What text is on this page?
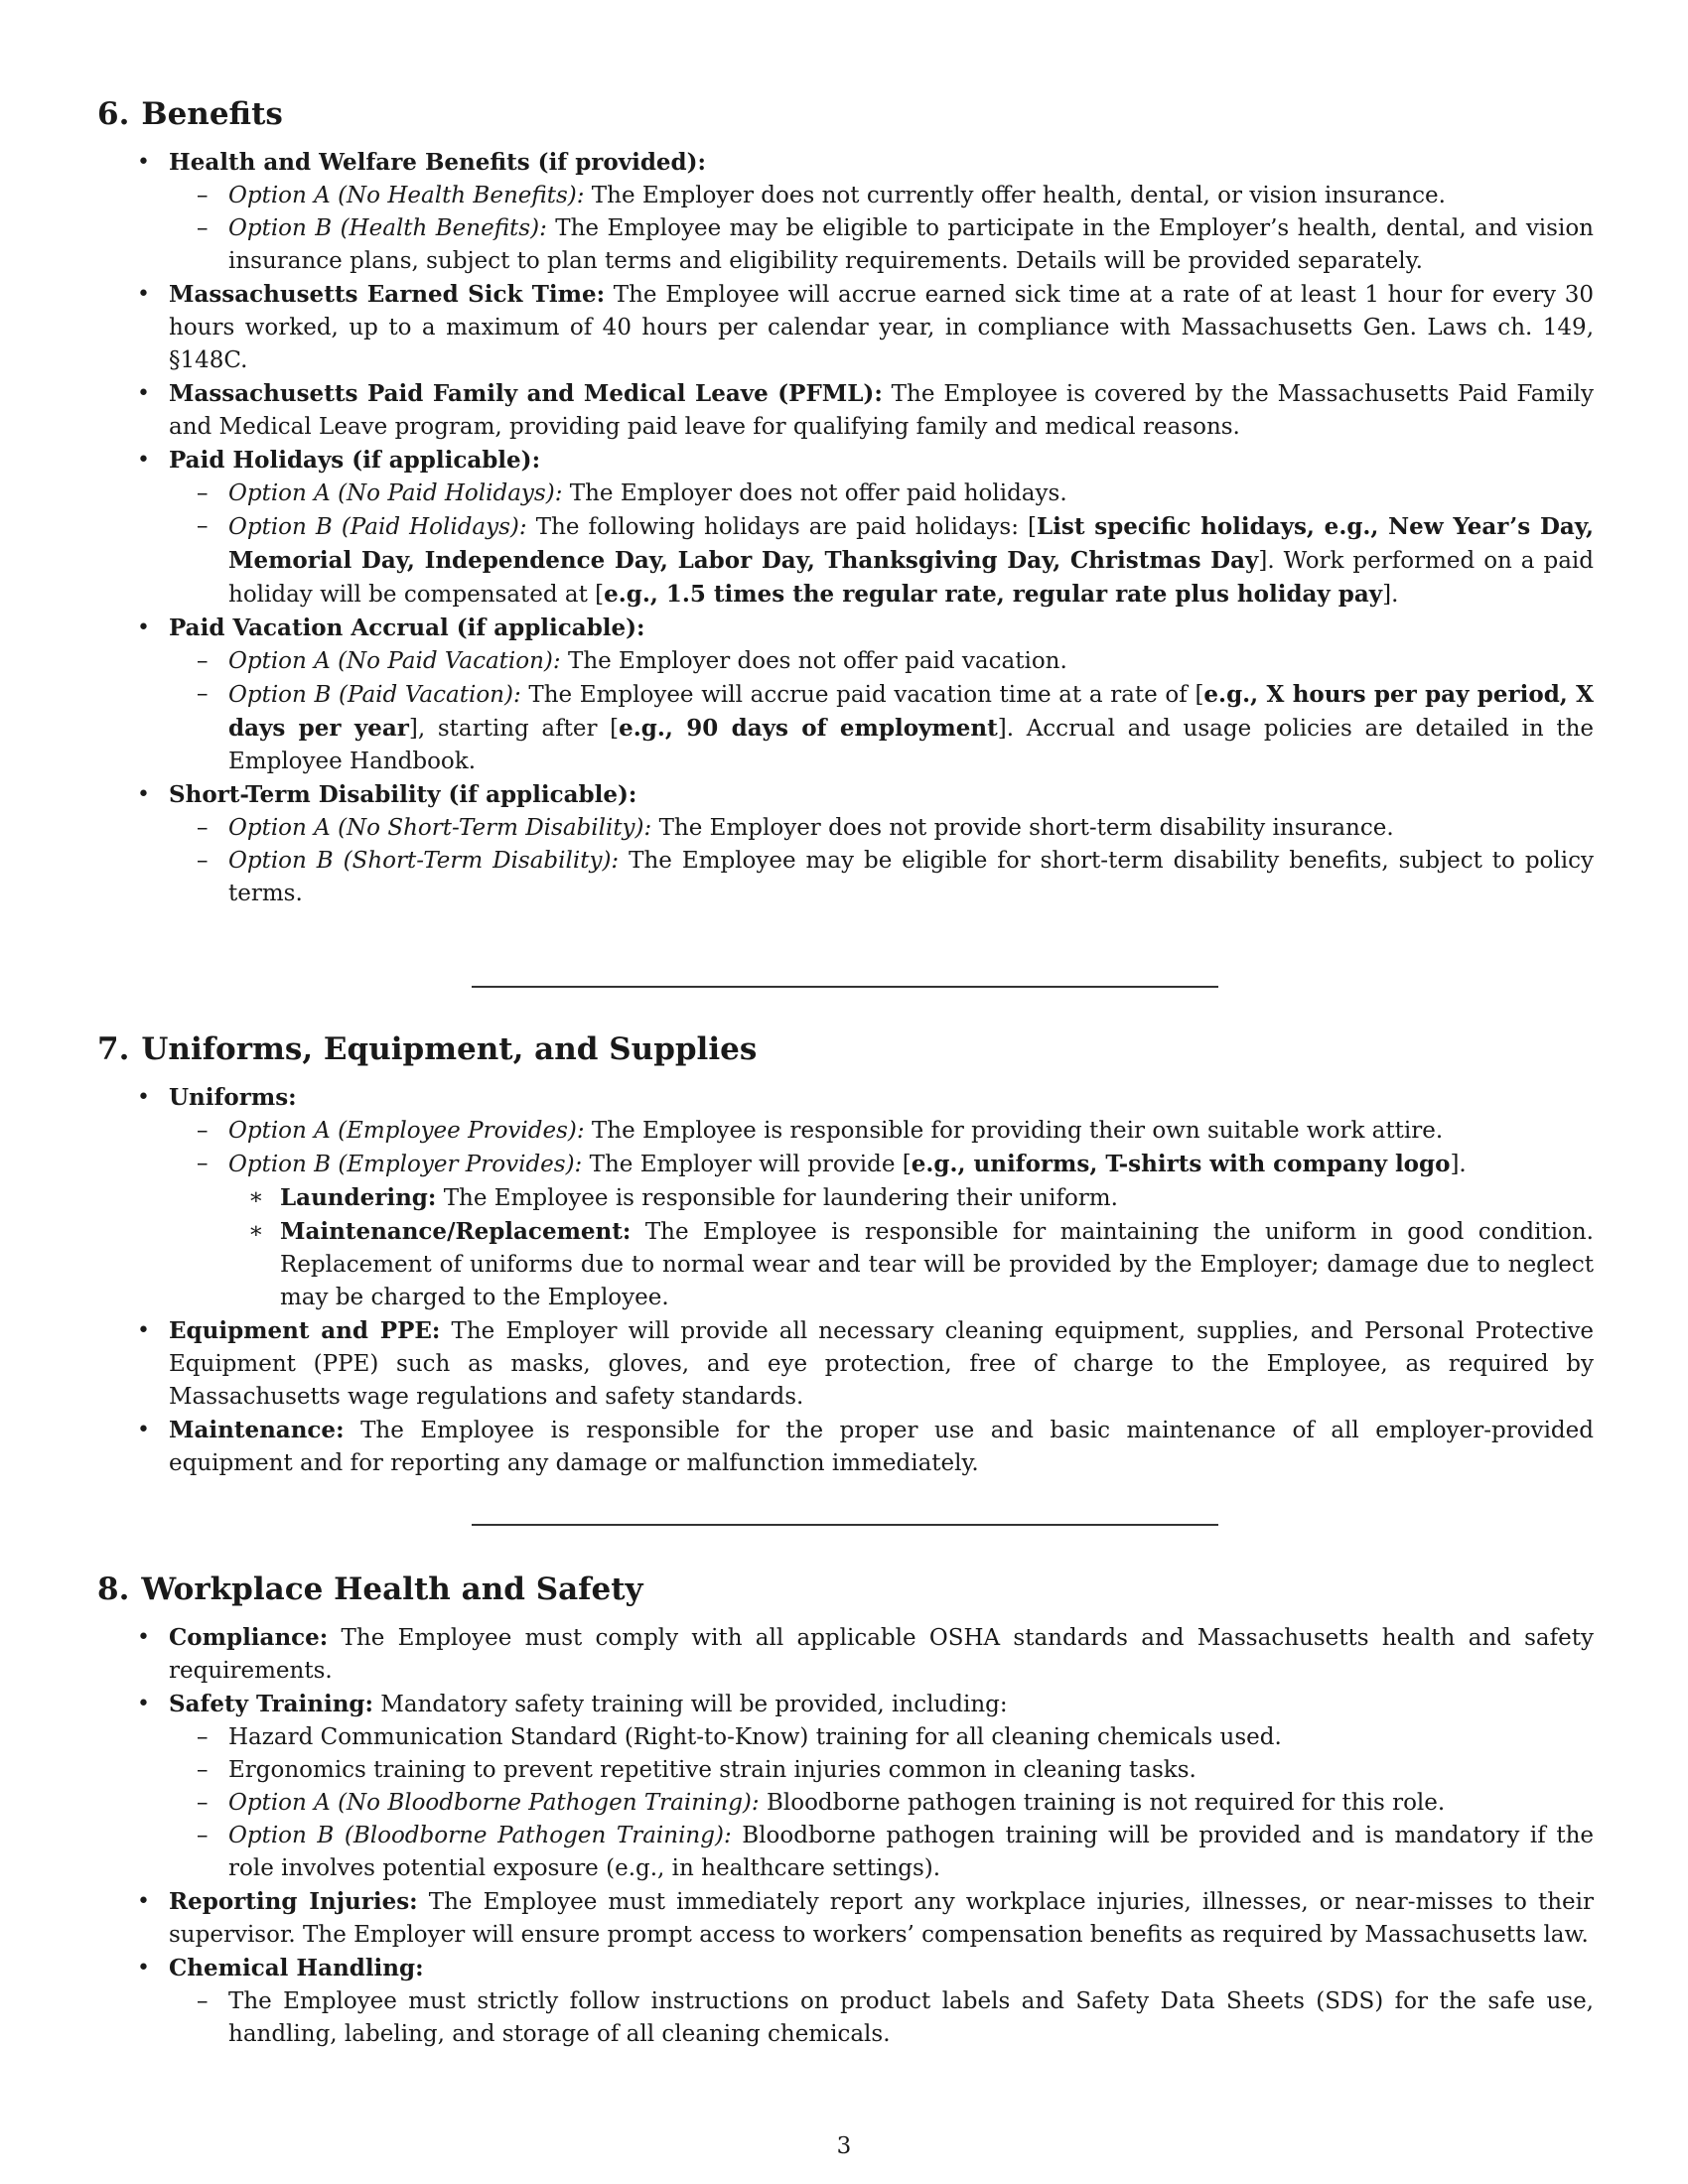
6. Benefits
• Health and Welfare Benefits (if provided):
– Option A (No Health Benefits): The Employer does not currently offer health, dental, or vision insurance.
– Option B (Health Benefits): The Employee may be eligible to participate in the Employer’s health, dental, and vision insurance plans, subject to plan terms and eligibility requirements. Details will be provided separately.
• Massachusetts Earned Sick Time: The Employee will accrue earned sick time at a rate of at least 1 hour for every 30 hours worked, up to a maximum of 40 hours per calendar year, in compliance with Massachusetts Gen. Laws ch. 149, §148C.
• Massachusetts Paid Family and Medical Leave (PFML): The Employee is covered by the Massachusetts Paid Family and Medical Leave program, providing paid leave for qualifying family and medical reasons.
• Paid Holidays (if applicable):
– Option A (No Paid Holidays): The Employer does not offer paid holidays.
– Option B (Paid Holidays): The following holidays are paid holidays: [List specific holidays, e.g., New Year’s Day, Memorial Day, Independence Day, Labor Day, Thanksgiving Day, Christmas Day]. Work performed on a paid holiday will be compensated at [e.g., 1.5 times the regular rate, regular rate plus holiday pay].
• Paid Vacation Accrual (if applicable):
– Option A (No Paid Vacation): The Employer does not offer paid vacation.
– Option B (Paid Vacation): The Employee will accrue paid vacation time at a rate of [e.g., X hours per pay period, X days per year], starting after [e.g., 90 days of employment]. Accrual and usage policies are detailed in the Employee Handbook.
• Short-Term Disability (if applicable):
– Option A (No Short-Term Disability): The Employer does not provide short-term disability insurance.
– Option B (Short-Term Disability): The Employee may be eligible for short-term disability benefits, subject to policy terms.
7. Uniforms, Equipment, and Supplies
• Uniforms:
– Option A (Employee Provides): The Employee is responsible for providing their own suitable work attire.
– Option B (Employer Provides): The Employer will provide [e.g., uniforms, T-shirts with company logo].
∗ Laundering: The Employee is responsible for laundering their uniform.
∗ Maintenance/Replacement: The Employee is responsible for maintaining the uniform in good condition. Replacement of uniforms due to normal wear and tear will be provided by the Employer; damage due to neglect may be charged to the Employee.
• Equipment and PPE: The Employer will provide all necessary cleaning equipment, supplies, and Personal Protective Equipment (PPE) such as masks, gloves, and eye protection, free of charge to the Employee, as required by Massachusetts wage regulations and safety standards.
• Maintenance: The Employee is responsible for the proper use and basic maintenance of all employer-provided equipment and for reporting any damage or malfunction immediately.
8. Workplace Health and Safety
• Compliance: The Employee must comply with all applicable OSHA standards and Massachusetts health and safety requirements.
• Safety Training: Mandatory safety training will be provided, including:
– Hazard Communication Standard (Right-to-Know) training for all cleaning chemicals used.
– Ergonomics training to prevent repetitive strain injuries common in cleaning tasks.
– Option A (No Bloodborne Pathogen Training): Bloodborne pathogen training is not required for this role.
– Option B (Bloodborne Pathogen Training): Bloodborne pathogen training will be provided and is mandatory if the role involves potential exposure (e.g., in healthcare settings).
• Reporting Injuries: The Employee must immediately report any workplace injuries, illnesses, or near-misses to their supervisor. The Employer will ensure prompt access to workers’ compensation benefits as required by Massachusetts law.
• Chemical Handling:
– The Employee must strictly follow instructions on product labels and Safety Data Sheets (SDS) for the safe use, handling, labeling, and storage of all cleaning chemicals.
3
